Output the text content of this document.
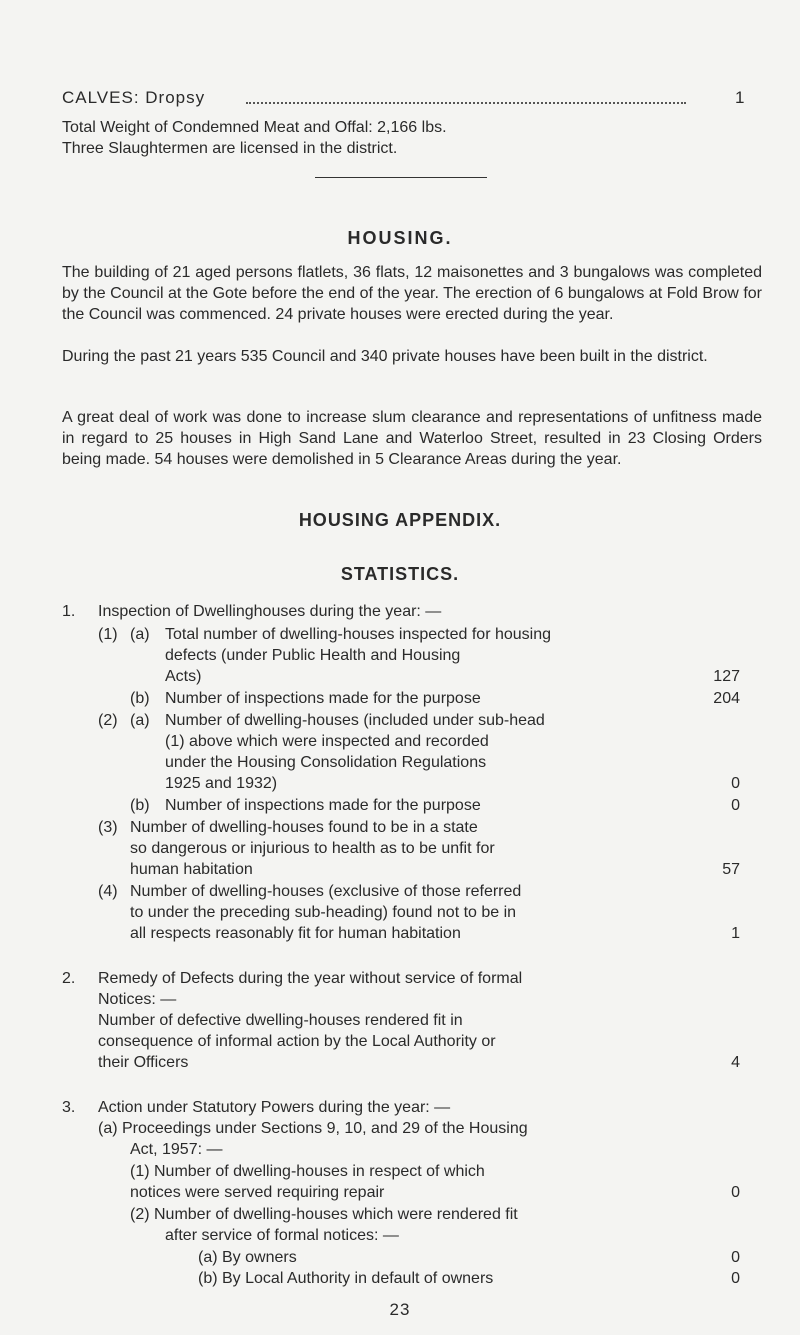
CALVES: Dropsy	1
Total Weight of Condemned Meat and Offal: 2,166 lbs.
Three Slaughtermen are licensed in the district.
HOUSING.
The building of 21 aged persons flatlets, 36 flats, 12 maisonettes and 3 bungalows was completed by the Council at the Gote before the end of the year. The erection of 6 bungalows at Fold Brow for the Council was commenced. 24 private houses were erected during the year.
During the past 21 years 535 Council and 340 private houses have been built in the district.
A great deal of work was done to increase slum clearance and representations of unfitness made in regard to 25 houses in High Sand Lane and Waterloo Street, resulted in 23 Closing Orders being made. 54 houses were demolished in 5 Clearance Areas during the year.
HOUSING APPENDIX.
STATISTICS.
1. Inspection of Dwellinghouses during the year: —
(1) (a) Total number of dwelling-houses inspected for housing
defects (under Public Health and Housing
Acts)	127
(b) Number of inspections made for the purpose	204
(2) (a) Number of dwelling-houses (included under sub-head
(1) above which were inspected and recorded
under the Housing Consolidation Regulations
1925 and 1932)	0
(b) Number of inspections made for the purpose	0
(3) Number of dwelling-houses found to be in a state
so dangerous or injurious to health as to be unfit for
human habitation	57
(4) Number of dwelling-houses (exclusive of those referred
to under the preceding sub-heading) found not to be in
all respects reasonably fit for human habitation	1
2. Remedy of Defects during the year without service of formal
Notices: —
Number of defective dwelling-houses rendered fit in
consequence of informal action by the Local Authority or
their Officers	4
3. Action under Statutory Powers during the year: —
(a) Proceedings under Sections 9, 10, and 29 of the Housing
Act, 1957: —
(1) Number of dwelling-houses in respect of which
notices were served requiring repair	0
(2) Number of dwelling-houses which were rendered fit
after service of formal notices: —
(a) By owners	0
(b) By Local Authority in default of owners	0
23
